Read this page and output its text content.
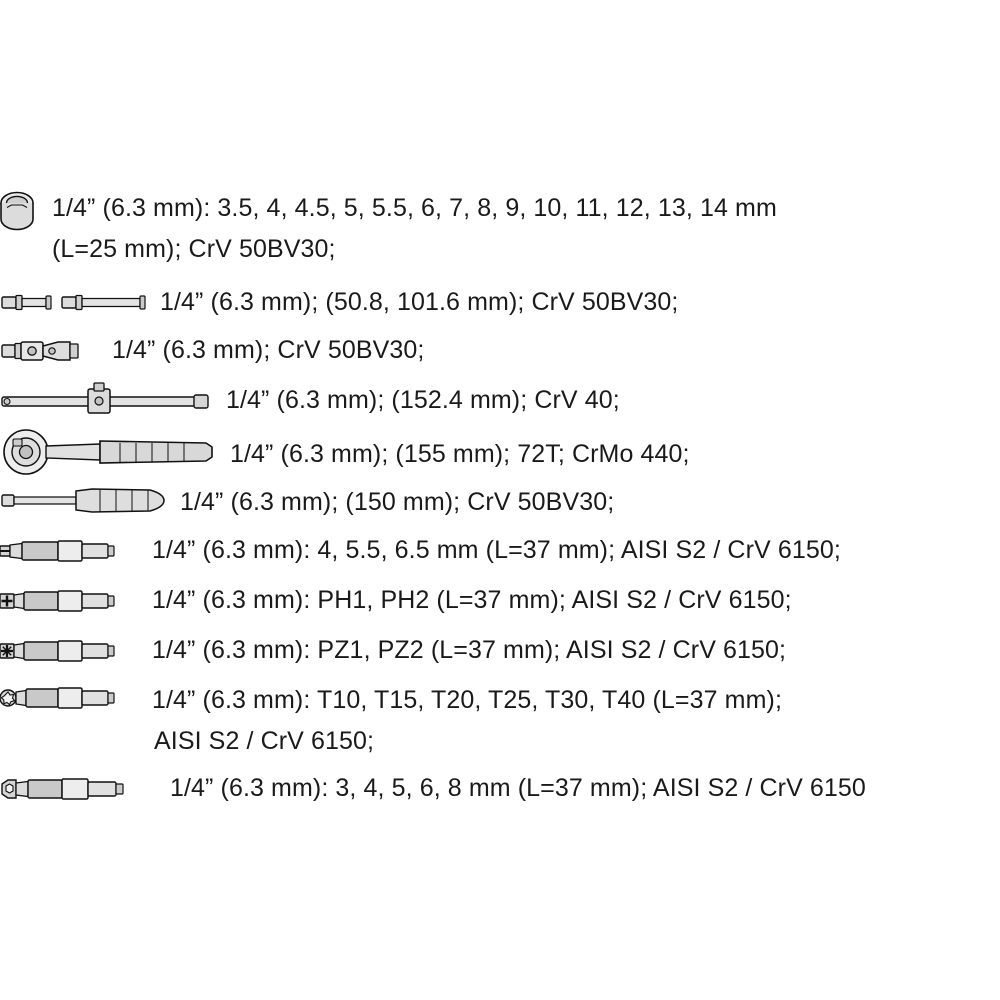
1/4” (6.3 mm): 3.5, 4, 4.5, 5, 5.5, 6, 7, 8, 9, 10, 11, 12, 13, 14 mm
(L=25 mm); CrV 50BV30;
1/4” (6.3 mm); (50.8, 101.6 mm); CrV 50BV30;
1/4” (6.3 mm); CrV 50BV30;
1/4” (6.3 mm); (152.4 mm); CrV 40;
1/4” (6.3 mm); (155 mm); 72T; CrMo 440;
1/4” (6.3 mm); (150 mm); CrV 50BV30;
1/4” (6.3 mm): 4, 5.5, 6.5 mm (L=37 mm); AISI S2 / CrV 6150;
1/4” (6.3 mm): PH1, PH2 (L=37 mm); AISI S2 / CrV 6150;
1/4” (6.3 mm): PZ1, PZ2 (L=37 mm); AISI S2 / CrV 6150;
1/4” (6.3 mm): T10, T15, T20, T25, T30, T40 (L=37 mm);
AISI S2 / CrV 6150;
1/4” (6.3 mm): 3, 4, 5, 6, 8 mm (L=37 mm); AISI S2 / CrV 6150
